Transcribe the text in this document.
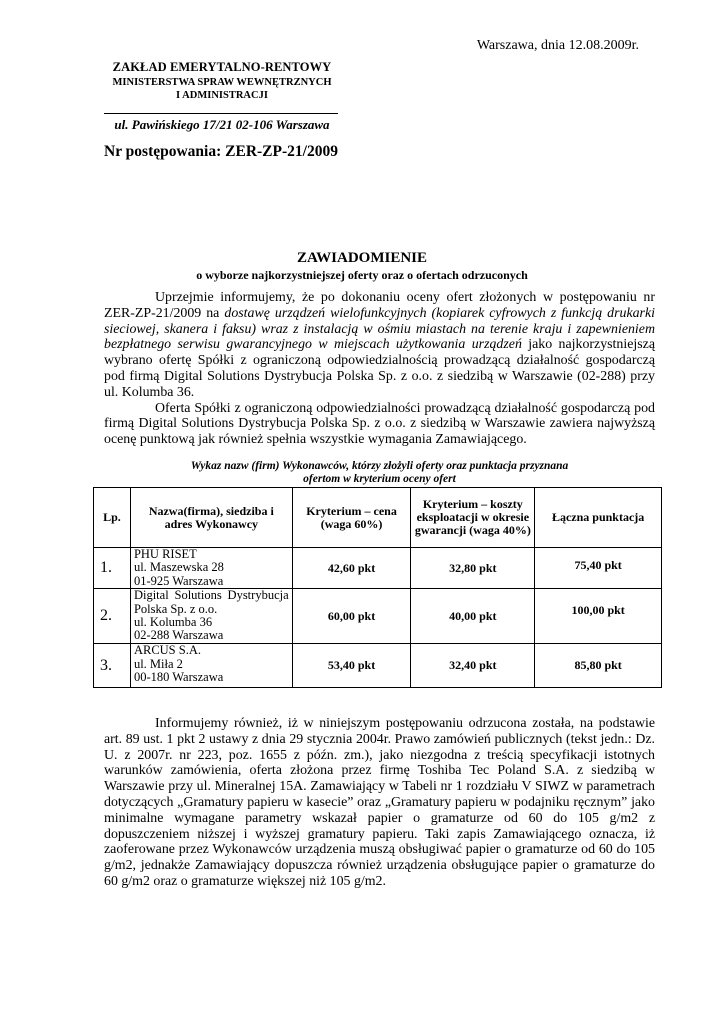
Warszawa, dnia 12.08.2009r.
ZAKŁAD EMERYTALNO-RENTOWY
MINISTERSTWA SPRAW WEWNĘTRZNYCH
I ADMINISTRACJI
ul. Pawińskiego 17/21 02-106 Warszawa
Nr postępowania: ZER-ZP-21/2009
ZAWIADOMIENIE
o wyborze najkorzystniejszej oferty oraz o ofertach odrzuconych

Uprzejmie informujemy, że po dokonaniu oceny ofert złożonych w postępowaniu nr ZER-ZP-21/2009 na dostawę urządzeń wielofunkcyjnych (kopiarek cyfrowych z funkcją drukarki sieciowej, skanera i faksu) wraz z instalacją w ośmiu miastach na terenie kraju i zapewnieniem bezpłatnego serwisu gwarancyjnego w miejscach użytkowania urządzeń jako najkorzystniejszą wybrano ofertę Spółki z ograniczoną odpowiedzialnością prowadzącą działalność gospodarczą pod firmą Digital Solutions Dystrybucja Polska Sp. z o.o. z siedzibą w Warszawie (02-288) przy ul. Kolumba 36.

Oferta Spółki z ograniczoną odpowiedzialności prowadzącą działalność gospodarczą pod firmą Digital Solutions Dystrybucja Polska Sp. z o.o. z siedzibą w Warszawie zawiera najwyższą ocenę punktową jak również spełnia wszystkie wymagania Zamawiającego.

Wykaz nazw (firm) Wykonawców, którzy złożyli oferty oraz punktacja przyznana
ofertom w kryterium oceny ofert
Lp.	Nazwa(firma), siedziba i adres Wykonawcy	Kryterium – cena (waga 60%)	Kryterium – koszty eksploatacji w okresie gwarancji (waga 40%)	Łączna punktacja
1.	PHU RISET
ul. Maszewska 28
01-925 Warszawa	42,60 pkt	32,80 pkt	75,40 pkt
2.	Digital Solutions Dystrybucja Polska Sp. z o.o.
ul. Kolumba 36
02-288 Warszawa	60,00 pkt	40,00 pkt	100,00 pkt
3.	ARCUS S.A.
ul. Miła 2
00-180 Warszawa	53,40 pkt	32,40 pkt	85,80 pkt

Informujemy również, iż w niniejszym postępowaniu odrzucona została, na podstawie art. 89 ust. 1 pkt 2 ustawy z dnia 29 stycznia 2004r. Prawo zamówień publicznych (tekst jedn.: Dz. U. z 2007r. nr 223, poz. 1655 z późn. zm.), jako niezgodna z treścią specyfikacji istotnych warunków zamówienia, oferta złożona przez firmę Toshiba Tec Poland S.A. z siedzibą w Warszawie przy ul. Mineralnej 15A. Zamawiający w Tabeli nr 1 rozdziału V SIWZ w parametrach dotyczących „Gramatury papieru w kasecie” oraz „Gramatury papieru w podajniku ręcznym” jako minimalne wymagane parametry wskazał papier o gramaturze od 60 do 105 g/m2 z dopuszczeniem niższej i wyższej gramatury papieru. Taki zapis Zamawiającego oznacza, iż zaoferowane przez Wykonawców urządzenia muszą obsługiwać papier o gramaturze od 60 do 105 g/m2, jednakże Zamawiający dopuszcza również urządzenia obsługujące papier o gramaturze do 60 g/m2 oraz o gramaturze większej niż 105 g/m2.
